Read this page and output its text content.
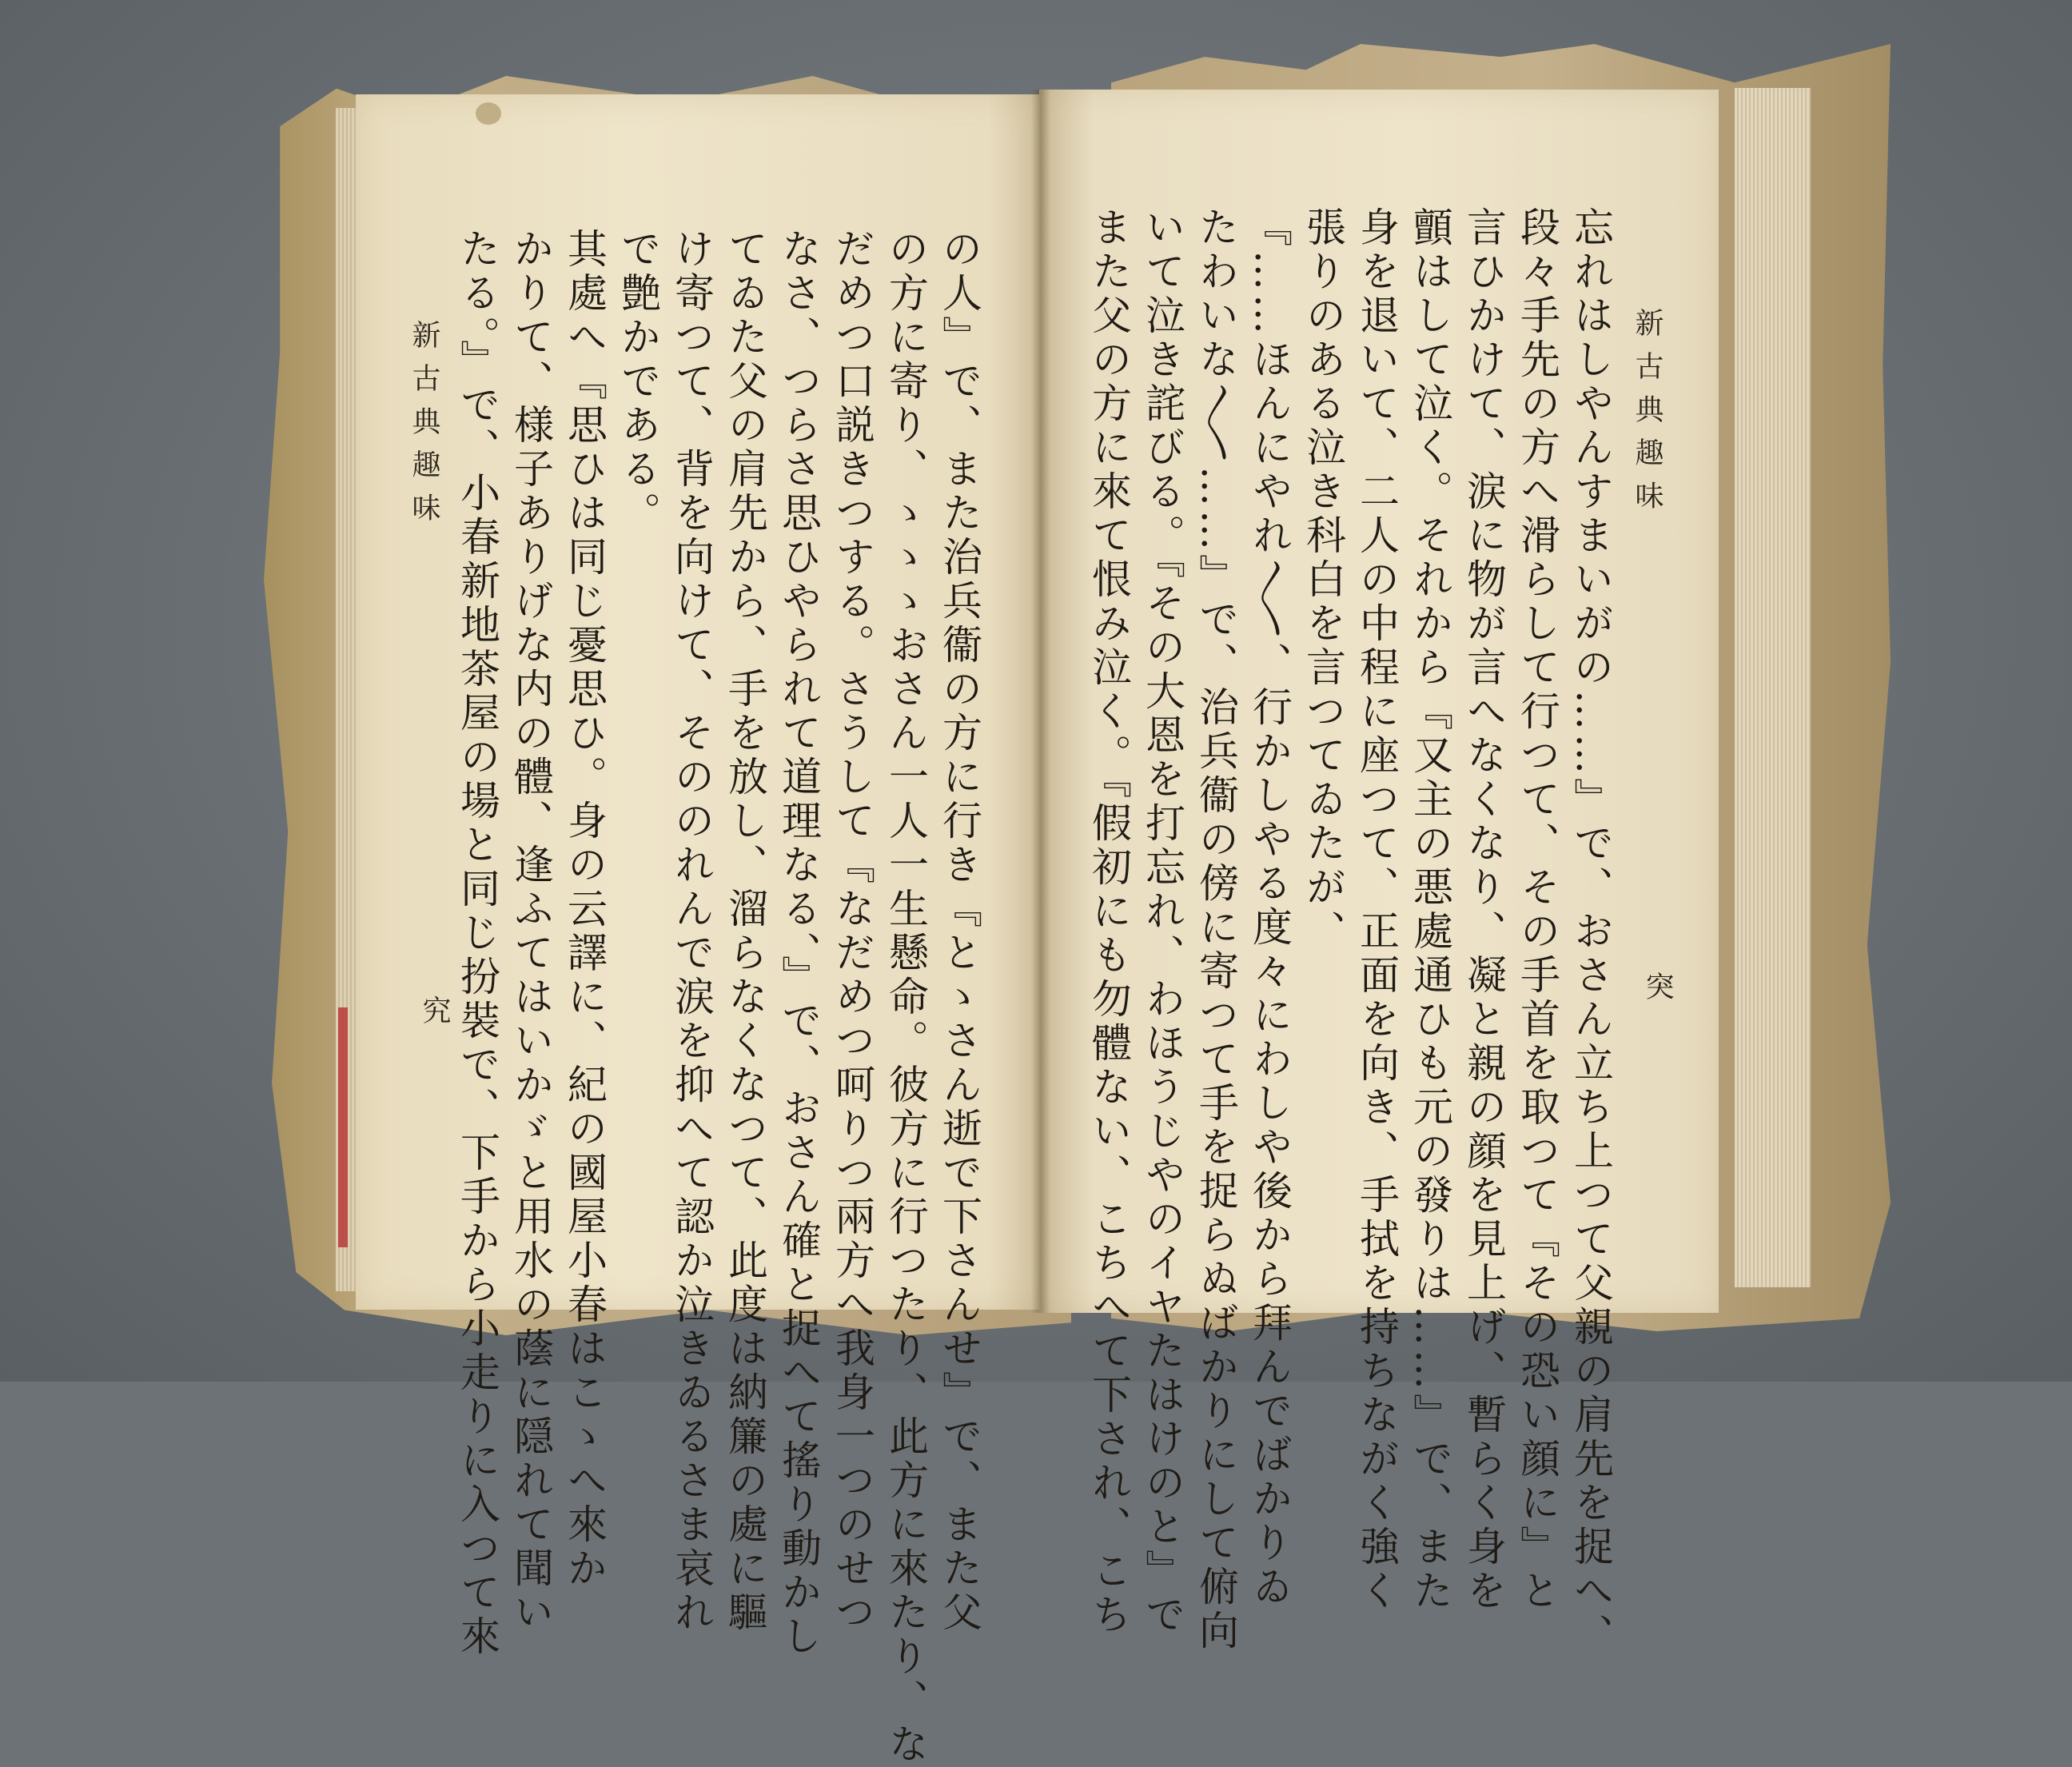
新古典趣味
突
新古典趣味
究	忘れはしやんすまいがの……』で、おさん立ち上つて父親の肩先を捉へ、
段々手先の方へ滑らして行つて、その手首を取つて『その恐い顔に』と
言ひかけて、涙に物が言へなくなり、凝と親の顔を見上げ、暫らく身を
顫はして泣く。それから『又主の悪處通ひも元の發りは……』で、また
身を退いて、二人の中程に座つて、正面を向き、手拭を持ちながく強く
張りのある泣き科白を言つてゐたが、
『……ほんにやれ〳〵、行かしやる度々にわしや後から拜んでばかりゐ
たわいな〳〵……』で、治兵衞の傍に寄つて手を捉らぬばかりにして俯向
いて泣き詫びる。『その大恩を打忘れ、わほうじやのイヤたはけのと』で
また父の方に來て恨み泣く。『假初にも勿體ない、こちへて下され、こち
の人』で、また治兵衞の方に行き『とゝさん逝で下さんせ』で、また父
の方に寄り、ゝゝゝおさん一人一生懸命。彼方に行つたり、此方に來たり、な
だめつ口説きつする。さうして『なだめつ呵りつ兩方へ我身一つのせつ
なさ、つらさ思ひやられて道理なる、』で、おさん確と捉へて搖り動かし
てゐた父の肩先から、手を放し、溜らなくなつて、此度は納簾の處に驅
け寄つて、背を向けて、そののれんで涙を抑へて認か泣きゐるさま哀れ
で艶かである。
其處へ『思ひは同じ憂思ひ。身の云譯に、紀の國屋小春はこゝへ來か
かりて、様子ありげな内の體、逢ふてはいかゞと用水の蔭に隠れて聞い
たる。』で、小春新地茶屋の場と同じ扮裝で、下手から小走りに入つて來
